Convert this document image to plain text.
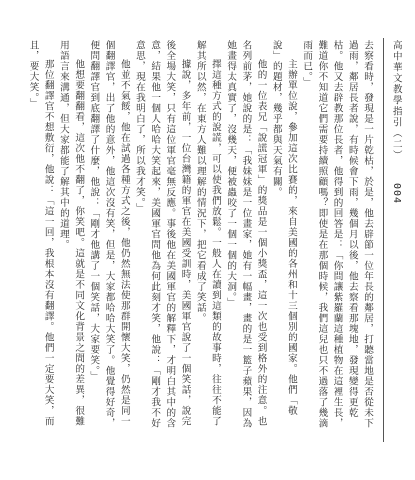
高中華文教學指引（二）
004

去察看時，發現是一片乾枯，於是，他去辟節一位年長的鄰居，打聽當地是否從未下過雨，鄰居長者說，有時候會下雨，幾個月以後，他去察看那塊地，發現變得更乾枯。他又去辟教那位長者，他得到的回答是：「你問讓紫羅蘭這種植物在這裡生長，難道你不知道它們需要持續照顧嗎？即使是在那個時候，我們這兒也只不過落了幾滴雨而已。」

主辦單位說，參加這次比賽的，來自美國的各州和十三個別的國家。他們「敬說」的題材，幾乎都與天氣有關。

他的一位表兄「說謊冠軍」的獎品是一個小獎盃，這一次也受到格外的注意。也名列前茅，她說的是：「我妹妹是一位畫家，她有一幅畫，畫的是一籃子蘋果，因為她畫得太真實了，沒幾天，便被蟲咬了一個一個的大洞。」

擇這種方式的說謊，可以使我們放鬆。一般人在讀到這類的故事時，往往不能了解其所以然，在東方人難以理解的情況下，把它看成了笑話。

據說，多年前，一位台灣籍的軍官在美國受訓時，美國軍官說了一個笑話，說完後全場大笑，只有這位軍官毫無反應。事後他在美國軍官的解釋下，才明白其中的含意，結果他一個人哈哈大笑起來，美國軍官問他為何此刻才笑，他說：「剛才我不好意思，現在我明白了，所以我才笑。」

他並不氣餒，他在試過各種方式之後，他仍然無法使那群開懷大笑，仍然是同一個翻譯官，出了他的意外，他這次沒有笑，但是，大家都哈哈大笑了。他覺得好奇，便問翻譯官到底翻譯了什麼，他說：「剛才他講了一個笑話，大家要笑。」

他想要翻翻看，這次他不翻了，你笑吧。這就是不同文化背景之間的差異，很難用語言來溝通，但大家都能了解其中的道理。

那位翻譯官不想敷衍，他說：「這一回，我根本沒有翻譯。他們一定要大笑，而且，要大笑。」
